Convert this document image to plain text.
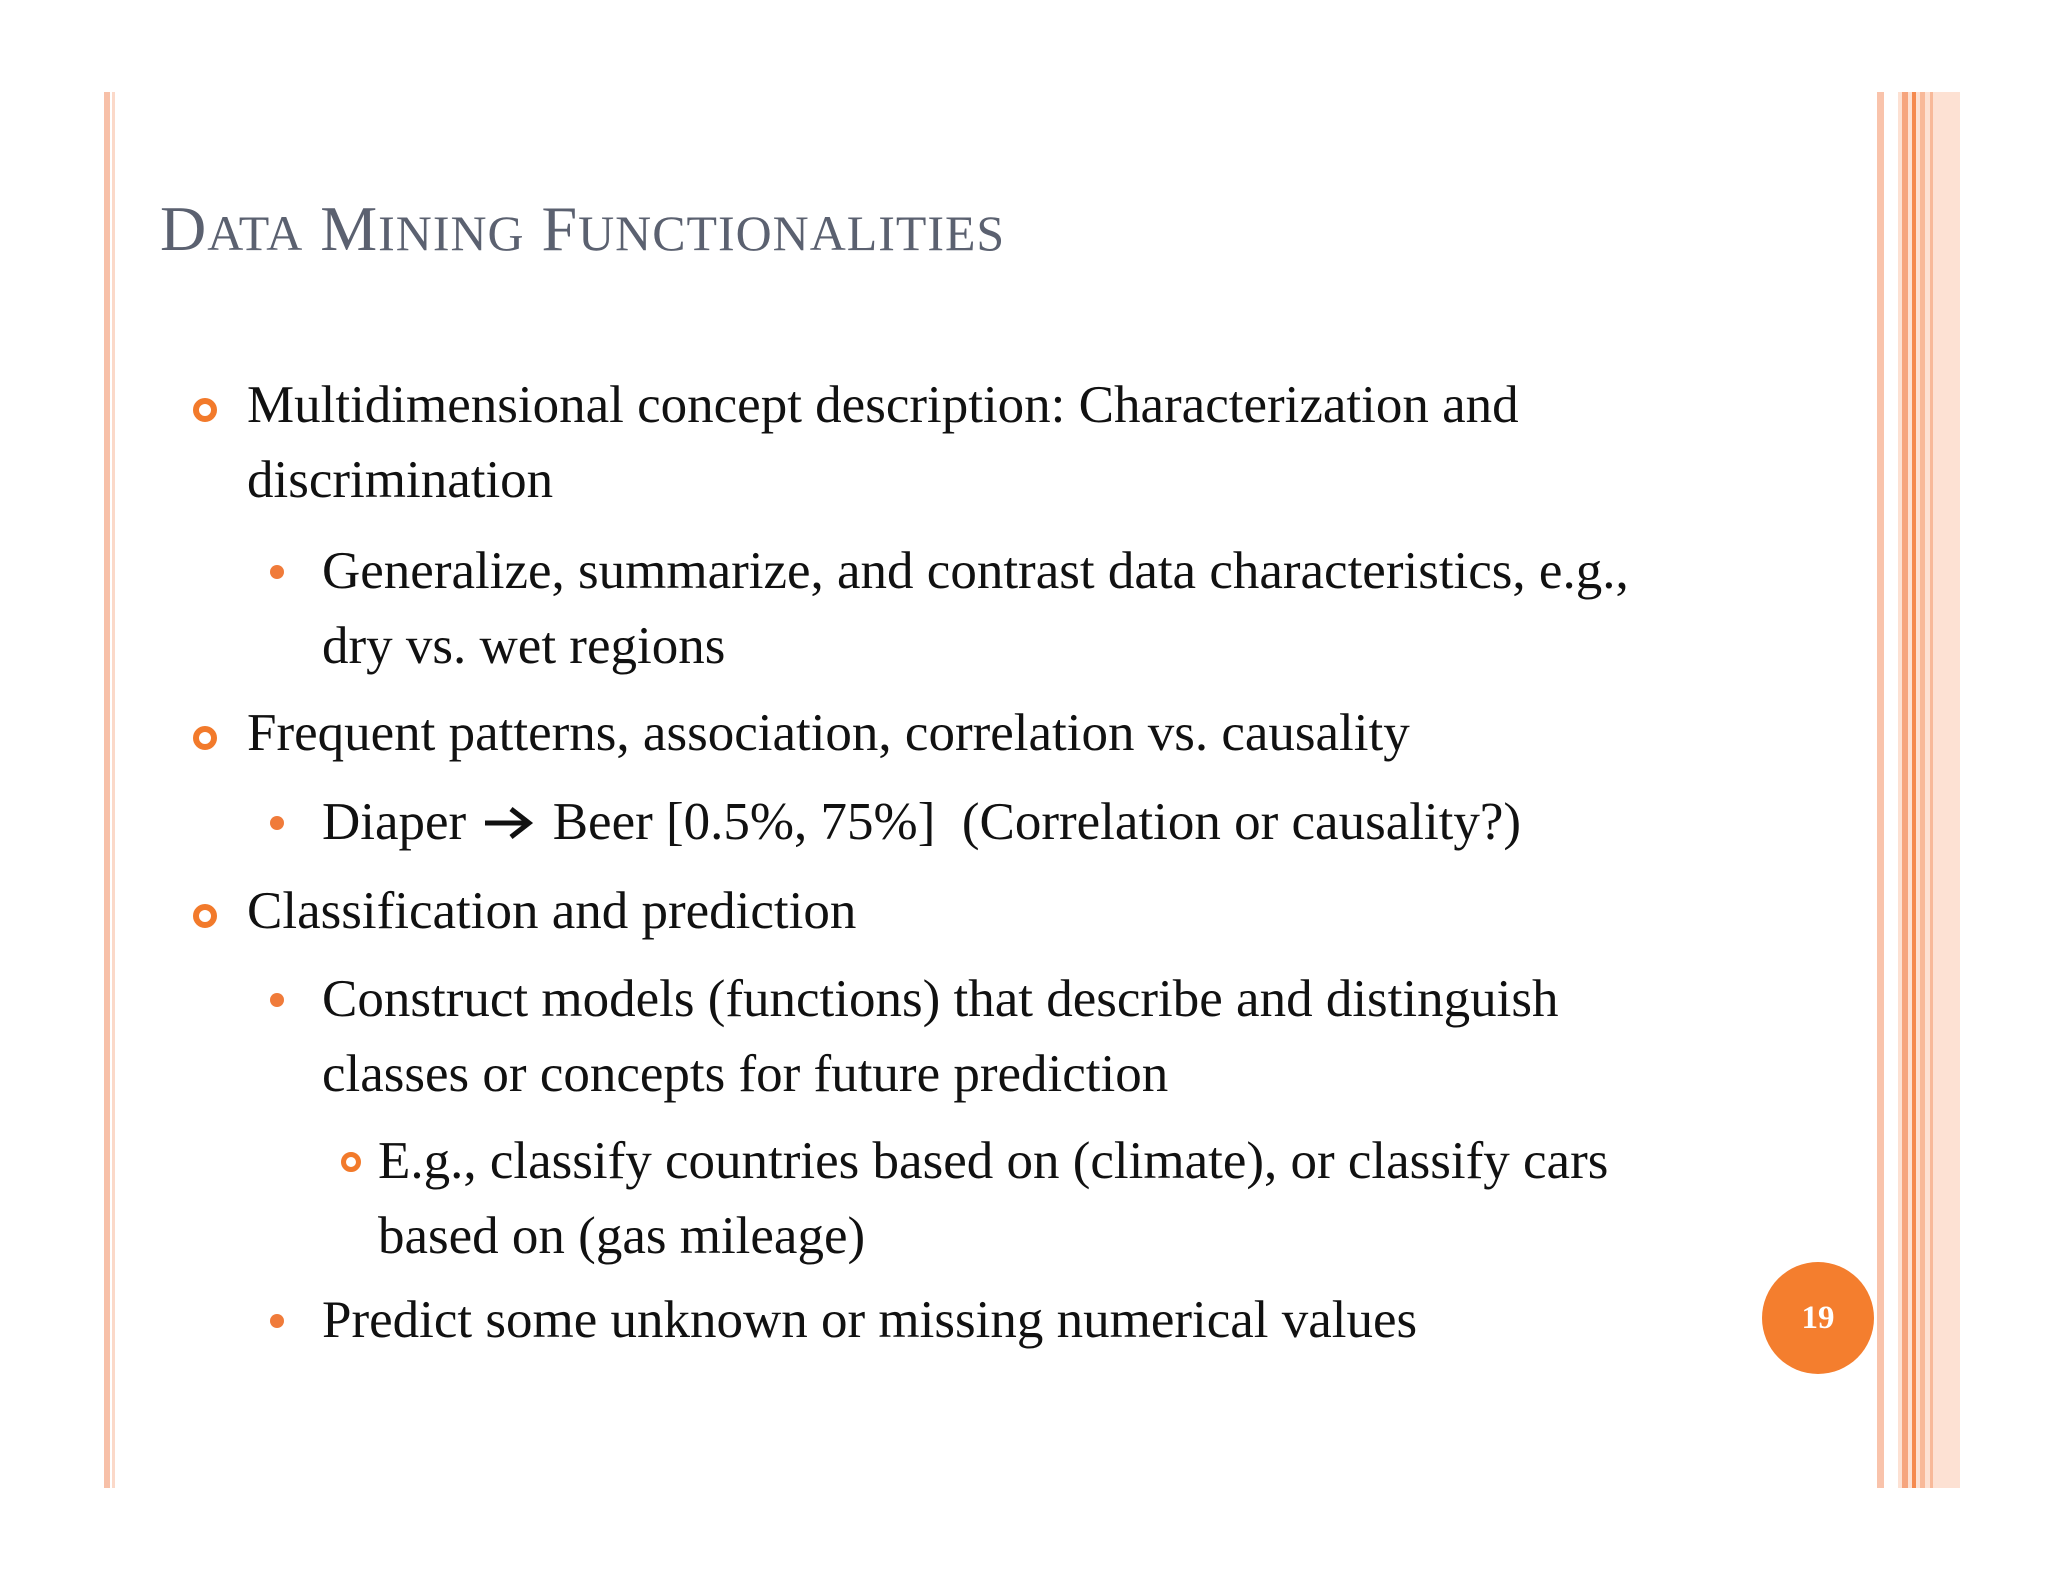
DATA MINING FUNCTIONALITIES
Multidimensional concept description: Characterization and
discrimination
Generalize, summarize, and contrast data characteristics, e.g.,
dry vs. wet regions
Frequent patterns, association, correlation vs. causality
Diaper Beer [0.5%, 75%]  (Correlation or causality?)
Classification and prediction
Construct models (functions) that describe and distinguish
classes or concepts for future prediction
E.g., classify countries based on (climate), or classify cars
based on (gas mileage)
Predict some unknown or missing numerical values	19
